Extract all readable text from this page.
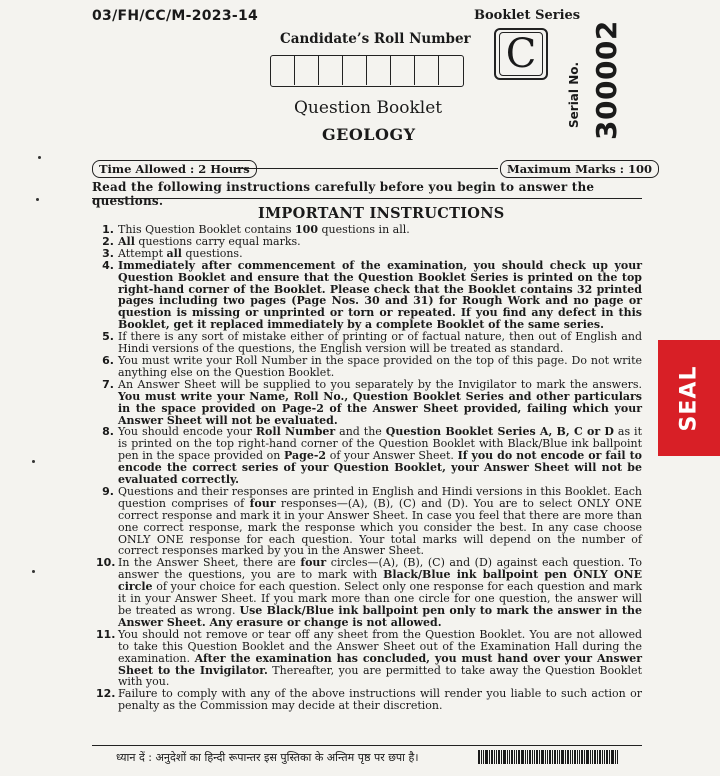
03/FH/CC/M-2023-14	Booklet Series
Candidate’s Roll Number C
Serial No. 300002
Question Booklet
GEOLOGY
Time Allowed : 2 Hours	Maximum Marks : 100
Read the following instructions carefully before you begin to answer the questions.
IMPORTANT INSTRUCTIONS
1. This Question Booklet contains 100 questions in all.
2. All questions carry equal marks.
3. Attempt all questions.
4. Immediately after commencement of the examination, you should check up your Question Booklet and ensure that the Question Booklet Series is printed on the top right-hand corner of the Booklet. Please check that the Booklet contains 32 printed pages including two pages (Page Nos. 30 and 31) for Rough Work and no page or question is missing or unprinted or torn or repeated. If you find any defect in this Booklet, get it replaced immediately by a complete Booklet of the same series.
5. If there is any sort of mistake either of printing or of factual nature, then out of English and Hindi versions of the questions, the English version will be treated as standard.
6. You must write your Roll Number in the space provided on the top of this page. Do not write anything else on the Question Booklet.
7. An Answer Sheet will be supplied to you separately by the Invigilator to mark the answers. You must write your Name, Roll No., Question Booklet Series and other particulars in the space provided on Page-2 of the Answer Sheet provided, failing which your Answer Sheet will not be evaluated.
8. You should encode your Roll Number and the Question Booklet Series A, B, C or D as it is printed on the top right-hand corner of the Question Booklet with Black/Blue ink ballpoint pen in the space provided on Page-2 of your Answer Sheet. If you do not encode or fail to encode the correct series of your Question Booklet, your Answer Sheet will not be evaluated correctly.
9. Questions and their responses are printed in English and Hindi versions in this Booklet. Each question comprises of four responses—(A), (B), (C) and (D). You are to select ONLY ONE correct response and mark it in your Answer Sheet. In case you feel that there are more than one correct response, mark the response which you consider the best. In any case choose ONLY ONE response for each question. Your total marks will depend on the number of correct responses marked by you in the Answer Sheet.
10. In the Answer Sheet, there are four circles—(A), (B), (C) and (D) against each question. To answer the questions, you are to mark with Black/Blue ink ballpoint pen ONLY ONE circle of your choice for each question. Select only one response for each question and mark it in your Answer Sheet. If you mark more than one circle for one question, the answer will be treated as wrong. Use Black/Blue ink ballpoint pen only to mark the answer in the Answer Sheet. Any erasure or change is not allowed.
11. You should not remove or tear off any sheet from the Question Booklet. You are not allowed to take this Question Booklet and the Answer Sheet out of the Examination Hall during the examination. After the examination has concluded, you must hand over your Answer Sheet to the Invigilator. Thereafter, you are permitted to take away the Question Booklet with you.
12. Failure to comply with any of the above instructions will render you liable to such action or penalty as the Commission may decide at their discretion.
ध्यान दें : अनुदेशों का हिन्दी रूपान्तर इस पुस्तिका के अन्तिम पृष्ठ पर छपा है।
SEAL
